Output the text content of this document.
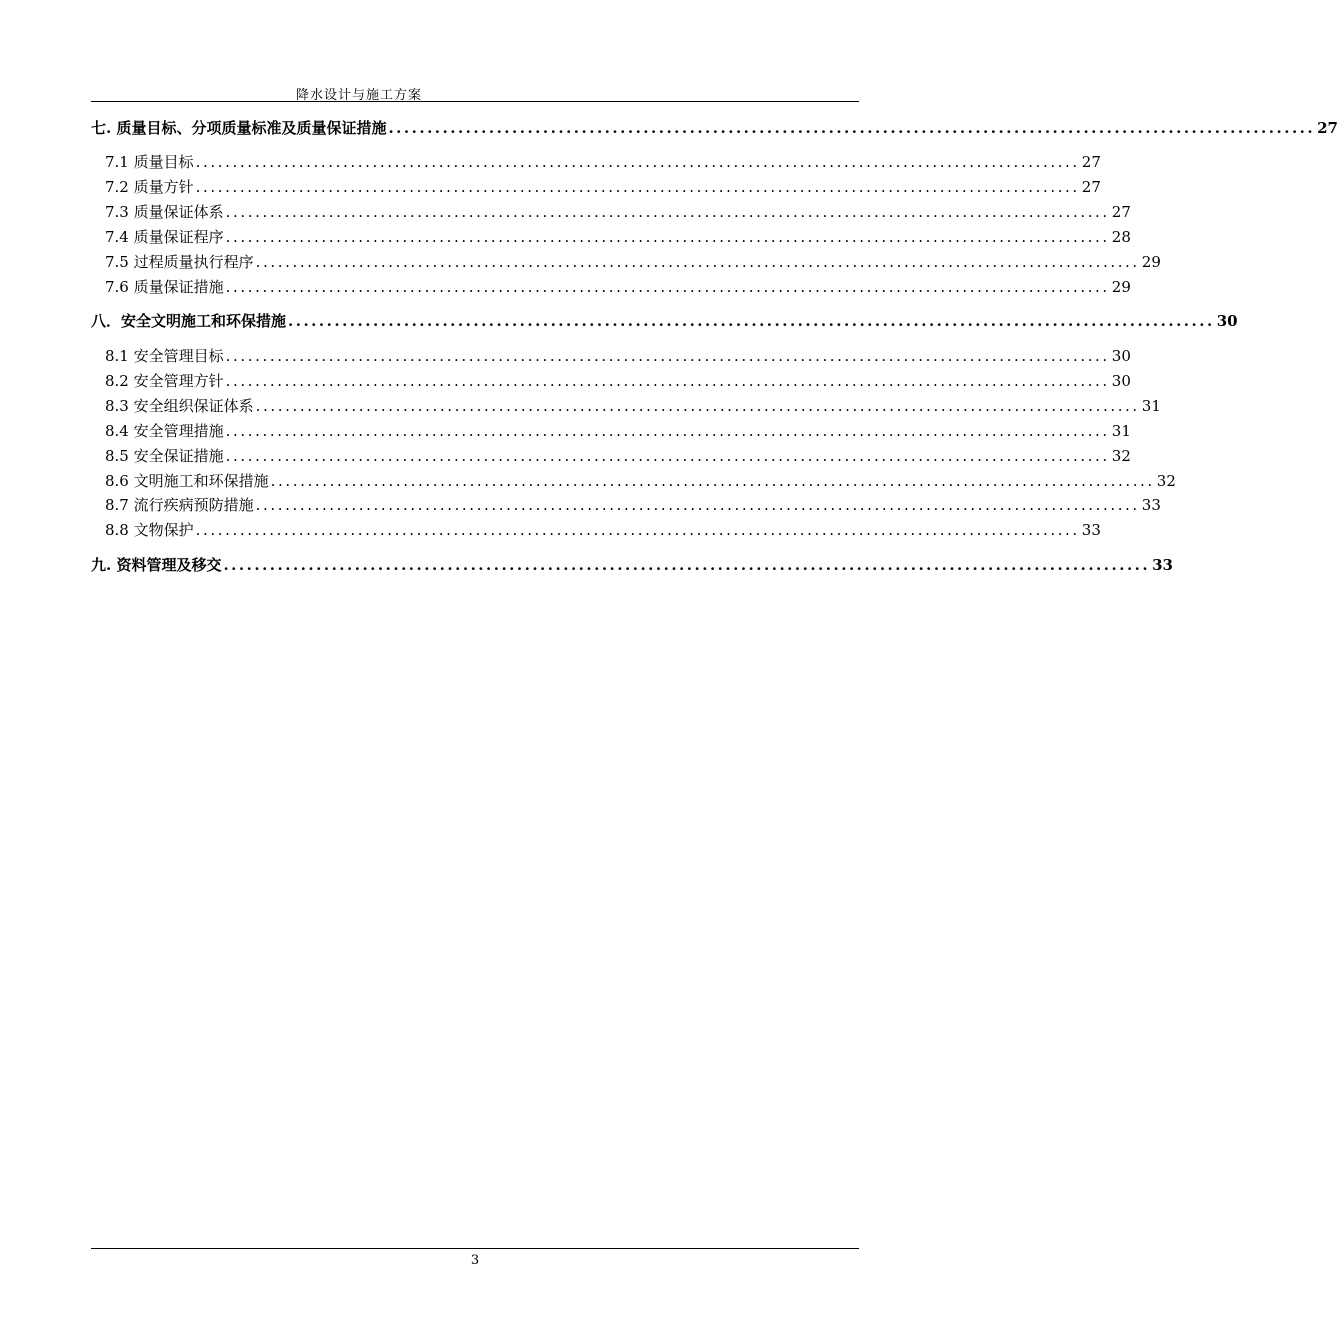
降水设计与施工方案
七. 质量目标、分项质量标准及质量保证措施 ........................................................................................................................ 27
7.1 质量目标 ........................................................................................................................ 27
7.2 质量方针 ........................................................................................................................ 27
7.3 质量保证体系 ........................................................................................................................ 27
7.4 质量保证程序 ........................................................................................................................ 28
7.5 过程质量执行程序 ........................................................................................................................ 29
7.6 质量保证措施 ........................................................................................................................ 29
八．安全文明施工和环保措施 ........................................................................................................................ 30
8.1 安全管理目标 ........................................................................................................................ 30
8.2 安全管理方针 ........................................................................................................................ 30
8.3 安全组织保证体系 ........................................................................................................................ 31
8.4 安全管理措施 ........................................................................................................................ 31
8.5 安全保证措施 ........................................................................................................................ 32
8.6 文明施工和环保措施 ........................................................................................................................ 32
8.7 流行疾病预防措施 ........................................................................................................................ 33
8.8 文物保护 ........................................................................................................................ 33
九. 资料管理及移交 ........................................................................................................................ 33
3
